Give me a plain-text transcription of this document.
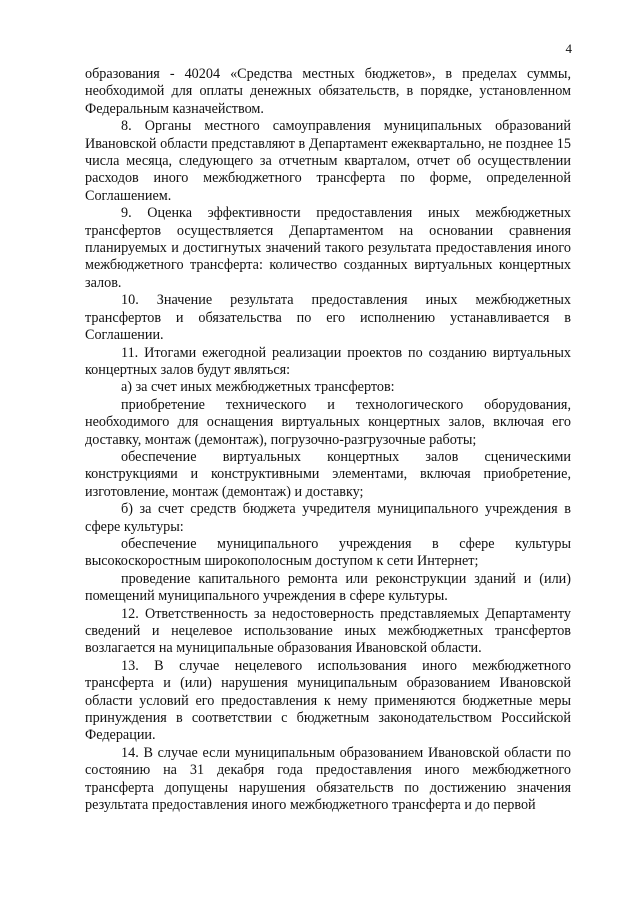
4

образования - 40204 «Средства местных бюджетов», в пределах суммы, необходимой для оплаты денежных обязательств, в порядке, установленном Федеральным казначейством.

8. Органы местного самоуправления муниципальных образований Ивановской области представляют в Департамент ежеквартально, не позднее 15 числа месяца, следующего за отчетным кварталом, отчет об осуществлении расходов иного межбюджетного трансферта по форме, определенной Соглашением.

9. Оценка эффективности предоставления иных межбюджетных трансфертов осуществляется Департаментом на основании сравнения планируемых и достигнутых значений такого результата предоставления иного межбюджетного трансферта: количество созданных виртуальных концертных залов.

10. Значение результата предоставления иных межбюджетных трансфертов и обязательства по его исполнению устанавливается в Соглашении.

11. Итогами ежегодной реализации проектов по созданию виртуальных концертных залов будут являться:

а) за счет иных межбюджетных трансфертов:

приобретение технического и технологического оборудования, необходимого для оснащения виртуальных концертных залов, включая его доставку, монтаж (демонтаж), погрузочно-разгрузочные работы;

обеспечение виртуальных концертных залов сценическими конструкциями и конструктивными элементами, включая приобретение, изготовление, монтаж (демонтаж) и доставку;

б) за счет средств бюджета учредителя муниципального учреждения в сфере культуры:

обеспечение муниципального учреждения в сфере культуры высокоскоростным широкополосным доступом к сети Интернет;

проведение капитального ремонта или реконструкции зданий и (или) помещений муниципального учреждения в сфере культуры.

12. Ответственность за недостоверность представляемых Департаменту сведений и нецелевое использование иных межбюджетных трансфертов возлагается на муниципальные образования Ивановской области.

13. В случае нецелевого использования иного межбюджетного трансферта и (или) нарушения муниципальным образованием Ивановской области условий его предоставления к нему применяются бюджетные меры принуждения в соответствии с бюджетным законодательством Российской Федерации.

14. В случае если муниципальным образованием Ивановской области по состоянию на 31 декабря года предоставления иного межбюджетного трансферта допущены нарушения обязательств по достижению значения результата предоставления иного межбюджетного трансферта и до первой
